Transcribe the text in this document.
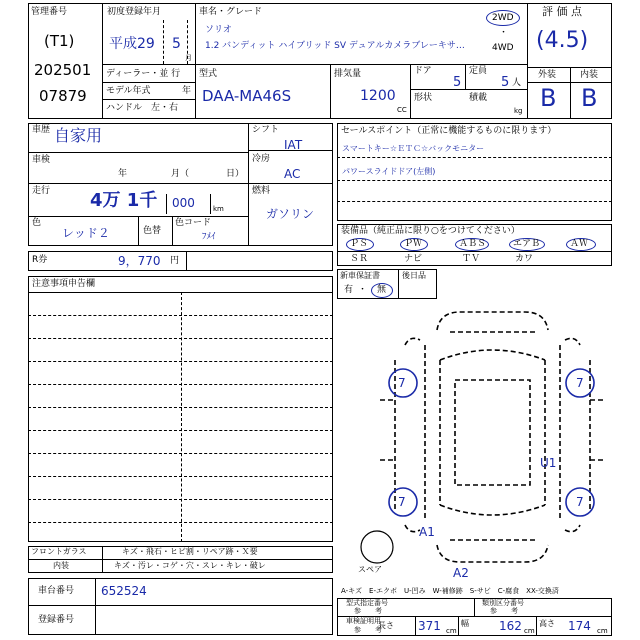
管理番号
(T1)
202501
07879
初度登録年月
平成29 5
月
ディーラー・並 行
モデル年式	年
ハンドル　左・右
車名・グレード
ソリオ
1.2 バンディット ハイブリッド SV デュアルカメラブレーキサ…
2WD
・
4WD
型式
DAA-MA46S
排気量
1200
CC
ドア
5
定員
5 人
形状	積載
kg
評 価 点
(4.5)
外装	内装
B B
車歴 自家用
車検
年	月（	日）
走行 4万 1千 000	km
色
レッド２	色替
色コード
ﾌﾒｲ
シフト
IAT
冷房
AC
燃料
ガソリン
R券	9，770 円
セールスポイント（正常に機能するものに限ります）
スマートキー☆ＥＴＣ☆バックモニター
パワースライドドア(左側)
装備品（純正品に限り○をつけてください）
ＰＳ	ＰＷ	ＡＢＳ	エアＢ	ＡＷ
ＳＲ	ナビ	ＴＶ	カワ
新車保証書
有 ・ 無
後日品
注意事項申告欄
フロントガラス	キズ・飛石・ヒビ割・リペア跡・Ｘ要
内装	キズ・汚レ・コゲ・穴・スレ・キレ・破レ
車台番号 652524
登録番号
7	7
7	7
U1
A1
A2
スペア
A-キズ　E-エクボ　U-凹み　W-補修跡　S-サビ　C-腐食　XX-交換済
型式指定番号
参　　考
類別区分番号
参　　考
車検証明用
参　　考
長さ 371 cm
幅	162 cm
高さ 174 cm
